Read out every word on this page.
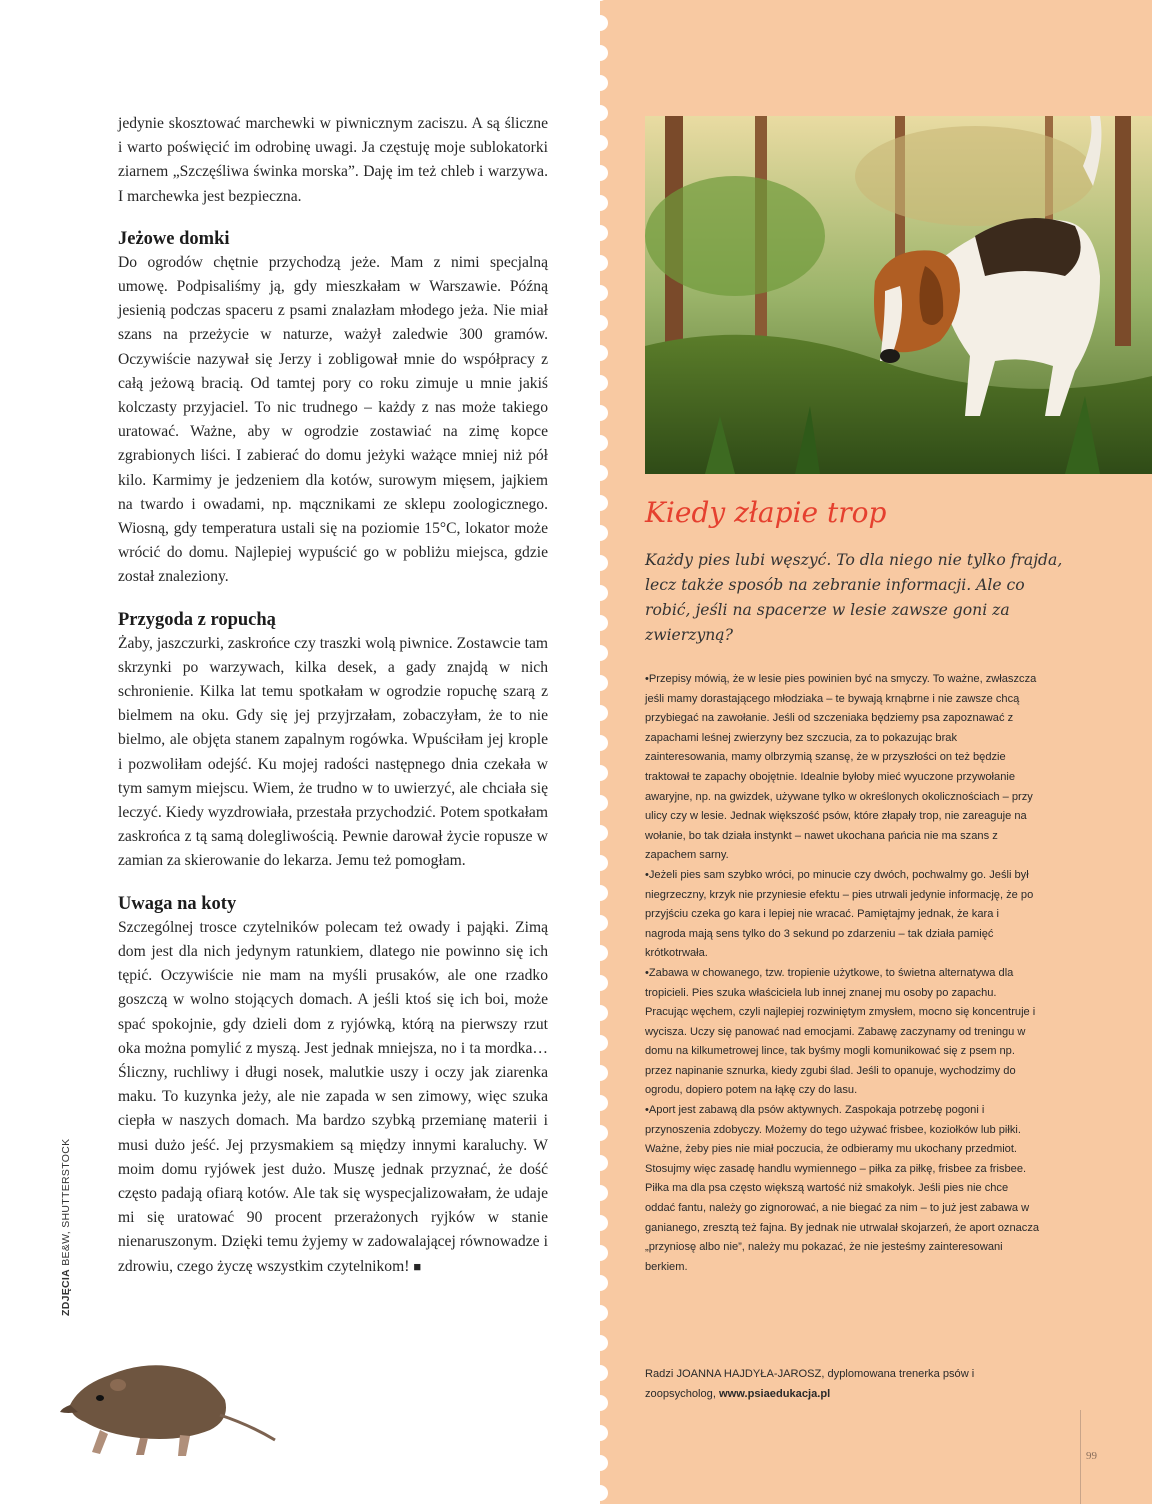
jedynie skosztować marchewki w piwnicznym zaciszu. A są śliczne i warto poświęcić im odrobinę uwagi. Ja częstuję moje sublokatorki ziarnem „Szczęśliwa świnka morska”. Daję im też chleb i warzywa. I marchewka jest bezpieczna.

Jeżowe domki

Do ogrodów chętnie przychodzą jeże. Mam z nimi specjalną umowę. Podpisaliśmy ją, gdy mieszkałam w Warszawie. Późną jesienią podczas spaceru z psami znalazłam młodego jeża. Nie miał szans na przeżycie w naturze, ważył zaledwie 300 gramów. Oczywiście nazywał się Jerzy i zobligował mnie do współpracy z całą jeżową bracią. Od tamtej pory co roku zimuje u mnie jakiś kolczasty przyjaciel. To nic trudnego – każdy z nas może takiego uratować. Ważne, aby w ogrodzie zostawiać na zimę kopce zgrabionych liści. I zabierać do domu jeżyki ważące mniej niż pół kilo. Karmimy je jedzeniem dla kotów, surowym mięsem, jajkiem na twardo i owadami, np. mącznikami ze sklepu zoologicznego. Wiosną, gdy temperatura ustali się na poziomie 15°C, lokator może wrócić do domu. Najlepiej wypuścić go w pobliżu miejsca, gdzie został znaleziony.

Przygoda z ropuchą

Żaby, jaszczurki, zaskrońce czy traszki wolą piwnice. Zostawcie tam skrzynki po warzywach, kilka desek, a gady znajdą w nich schronienie. Kilka lat temu spotkałam w ogrodzie ropuchę szarą z bielmem na oku. Gdy się jej przyjrzałam, zobaczyłam, że to nie bielmo, ale objęta stanem zapalnym rogówka. Wpuściłam jej krople i pozwoliłam odejść. Ku mojej radości następnego dnia czekała w tym samym miejscu. Wiem, że trudno w to uwierzyć, ale chciała się leczyć. Kiedy wyzdrowiała, przestała przychodzić. Potem spotkałam zaskrońca z tą samą dolegliwością. Pewnie darował życie ropusze w zamian za skierowanie do lekarza. Jemu też pomogłam.

Uwaga na koty

Szczególnej trosce czytelników polecam też owady i pająki. Zimą dom jest dla nich jedynym ratunkiem, dlatego nie powinno się ich tępić. Oczywiście nie mam na myśli prusaków, ale one rzadko goszczą w wolno stojących domach. A jeśli ktoś się ich boi, może spać spokojnie, gdy dzieli dom z ryjówką, którą na pierwszy rzut oka można pomylić z myszą. Jest jednak mniejsza, no i ta mordka… Śliczny, ruchliwy i długi nosek, malutkie uszy i oczy jak ziarenka maku. To kuzynka jeży, ale nie zapada w sen zimowy, więc szuka ciepła w naszych domach. Ma bardzo szybką przemianę materii i musi dużo jeść. Jej przysmakiem są między innymi karaluchy. W moim domu ryjówek jest dużo. Muszę jednak przyznać, że dość często padają ofiarą kotów. Ale tak się wyspecjalizowałam, że udaje mi się uratować 90 procent przerażonych ryjków w stanie nienaruszonym. Dzięki temu żyjemy w zadowalającej równowadze i zdrowiu, czego życzę wszystkim czytelnikom! ■

ZDJĘCIA BE&W, SHUTTERSTOCK
Kiedy złapie trop
Każdy pies lubi węszyć. To dla niego nie tylko frajda, lecz także sposób na zebranie informacji. Ale co robić, jeśli na spacerze w lesie zawsze goni za zwierzyną?

•Przepisy mówią, że w lesie pies powinien być na smyczy. To ważne, zwłaszcza jeśli mamy dorastającego młodziaka – te bywają krnąbrne i nie zawsze chcą przybiegać na zawołanie. Jeśli od szczeniaka będziemy psa zapoznawać z zapachami leśnej zwierzyny bez szczucia, za to pokazując brak zainteresowania, mamy olbrzymią szansę, że w przyszłości on też będzie traktował te zapachy obojętnie. Idealnie byłoby mieć wyuczone przywołanie awaryjne, np. na gwizdek, używane tylko w określonych okolicznościach – przy ulicy czy w lesie. Jednak większość psów, które złapały trop, nie zareaguje na wołanie, bo tak działa instynkt – nawet ukochana pańcia nie ma szans z zapachem sarny.

•Jeżeli pies sam szybko wróci, po minucie czy dwóch, pochwalmy go. Jeśli był niegrzeczny, krzyk nie przyniesie efektu – pies utrwali jedynie informację, że po przyjściu czeka go kara i lepiej nie wracać. Pamiętajmy jednak, że kara i nagroda mają sens tylko do 3 sekund po zdarzeniu – tak działa pamięć krótkotrwała.

•Zabawa w chowanego, tzw. tropienie użytkowe, to świetna alternatywa dla tropicieli. Pies szuka właściciela lub innej znanej mu osoby po zapachu. Pracując węchem, czyli najlepiej rozwiniętym zmysłem, mocno się koncentruje i wycisza. Uczy się panować nad emocjami. Zabawę zaczynamy od treningu w domu na kilkumetrowej lince, tak byśmy mogli komunikować się z psem np. przez napinanie sznurka, kiedy zgubi ślad. Jeśli to opanuje, wychodzimy do ogrodu, dopiero potem na łąkę czy do lasu.

•Aport jest zabawą dla psów aktywnych. Zaspokaja potrzebę pogoni i przynoszenia zdobyczy. Możemy do tego używać frisbee, koziołków lub piłki. Ważne, żeby pies nie miał poczucia, że odbieramy mu ukochany przedmiot. Stosujmy więc zasadę handlu wymiennego – piłka za piłkę, frisbee za frisbee. Piłka ma dla psa często większą wartość niż smakołyk. Jeśli pies nie chce oddać fantu, należy go zignorować, a nie biegać za nim – to już jest zabawa w ganianego, zresztą też fajna. By jednak nie utrwalał skojarzeń, że aport oznacza „przyniosę albo nie”, należy mu pokazać, że nie jesteśmy zainteresowani berkiem.

Radzi JOANNA HAJDYŁA-JAROSZ, dyplomowana trenerka psów i zoopsycholog, www.psiaedukacja.pl
99
